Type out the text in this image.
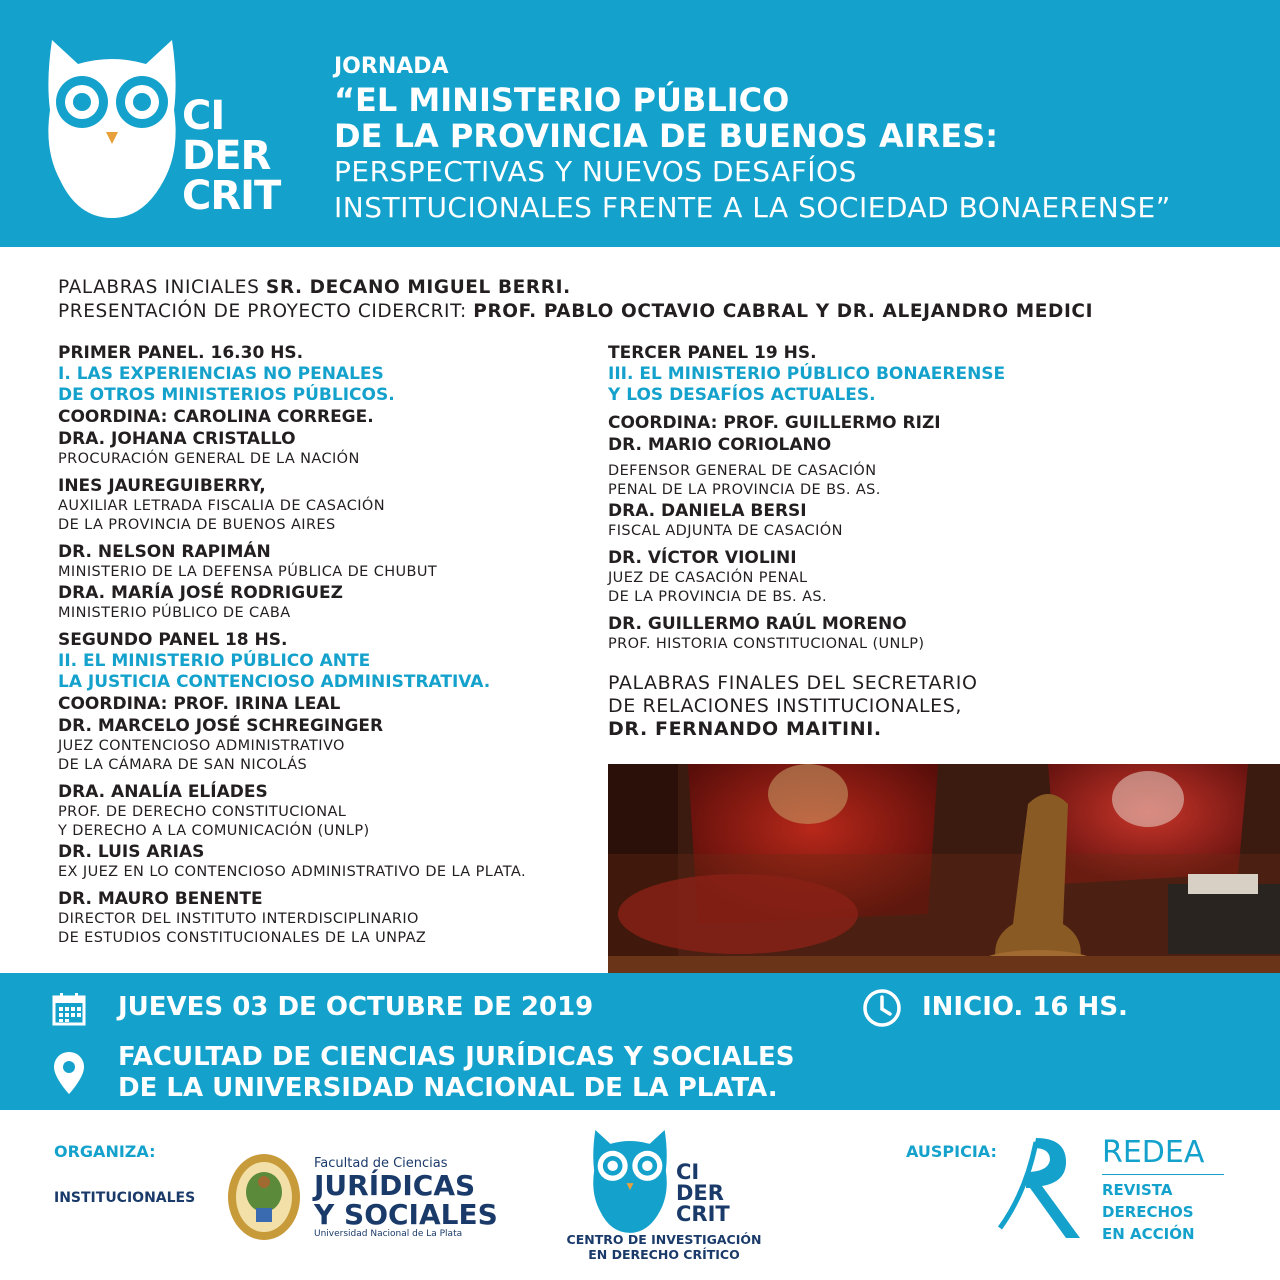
CI
DER
CRIT
JORNADA
“EL MINISTERIO PÚBLICO
DE LA PROVINCIA DE BUENOS AIRES:
PERSPECTIVAS Y NUEVOS DESAFÍOS
INSTITUCIONALES FRENTE A LA SOCIEDAD BONAERENSE”
PALABRAS INICIALES SR. DECANO MIGUEL BERRI.
PRESENTACIÓN DE PROYECTO CIDERCRIT: PROF. PABLO OCTAVIO CABRAL Y DR. ALEJANDRO MEDICI
PRIMER PANEL. 16.30 HS.
I. LAS EXPERIENCIAS NO PENALES
DE OTROS MINISTERIOS PÚBLICOS.
COORDINA: CAROLINA CORREGE.
DRA. JOHANA CRISTALLO
PROCURACIÓN GENERAL DE LA NACIÓN
INES JAUREGUIBERRY,
AUXILIAR LETRADA FISCALIA DE CASACIÓN
DE LA PROVINCIA DE BUENOS AIRES
DR. NELSON RAPIMÁN
MINISTERIO DE LA DEFENSA PÚBLICA DE CHUBUT
DRA. MARÍA JOSÉ RODRIGUEZ
MINISTERIO PÚBLICO DE CABA
SEGUNDO PANEL 18 HS.
II. EL MINISTERIO PÚBLICO ANTE
LA JUSTICIA CONTENCIOSO ADMINISTRATIVA.
COORDINA: PROF. IRINA LEAL
DR. MARCELO JOSÉ SCHREGINGER
JUEZ CONTENCIOSO ADMINISTRATIVO
DE LA CÁMARA DE SAN NICOLÁS
DRA. ANALÍA ELÍADES
PROF. DE DERECHO CONSTITUCIONAL
Y DERECHO A LA COMUNICACIÓN (UNLP)
DR. LUIS ARIAS
EX JUEZ EN LO CONTENCIOSO ADMINISTRATIVO DE LA PLATA.
DR. MAURO BENENTE
DIRECTOR DEL INSTITUTO INTERDISCIPLINARIO
DE ESTUDIOS CONSTITUCIONALES DE LA UNPAZ
TERCER PANEL 19 HS.
III. EL MINISTERIO PÚBLICO BONAERENSE
Y LOS DESAFÍOS ACTUALES.
COORDINA: PROF. GUILLERMO RIZI
DR. MARIO CORIOLANO
DEFENSOR GENERAL DE CASACIÓN
PENAL DE LA PROVINCIA DE BS. AS.
DRA. DANIELA BERSI
FISCAL ADJUNTA DE CASACIÓN
DR. VÍCTOR VIOLINI
JUEZ DE CASACIÓN PENAL
DE LA PROVINCIA DE BS. AS.
DR. GUILLERMO RAÚL MORENO
PROF. HISTORIA CONSTITUCIONAL (UNLP)
PALABRAS FINALES DEL SECRETARIO
DE RELACIONES INSTITUCIONALES,
DR. FERNANDO MAITINI.
JUEVES 03 DE OCTUBRE DE 2019	INICIO. 16 HS.
FACULTAD DE CIENCIAS JURÍDICAS Y SOCIALES
DE LA UNIVERSIDAD NACIONAL DE LA PLATA.
ORGANIZA:
INSTITUCIONALES
Facultad de Ciencias
JURÍDICAS
Y SOCIALES
Universidad Nacional de La Plata
CI
DER
CRIT
CENTRO DE INVESTIGACIÓN
EN DERECHO CRÍTICO
AUSPICIA:	REDEA
REVISTA
DERECHOS
EN ACCIÓN
